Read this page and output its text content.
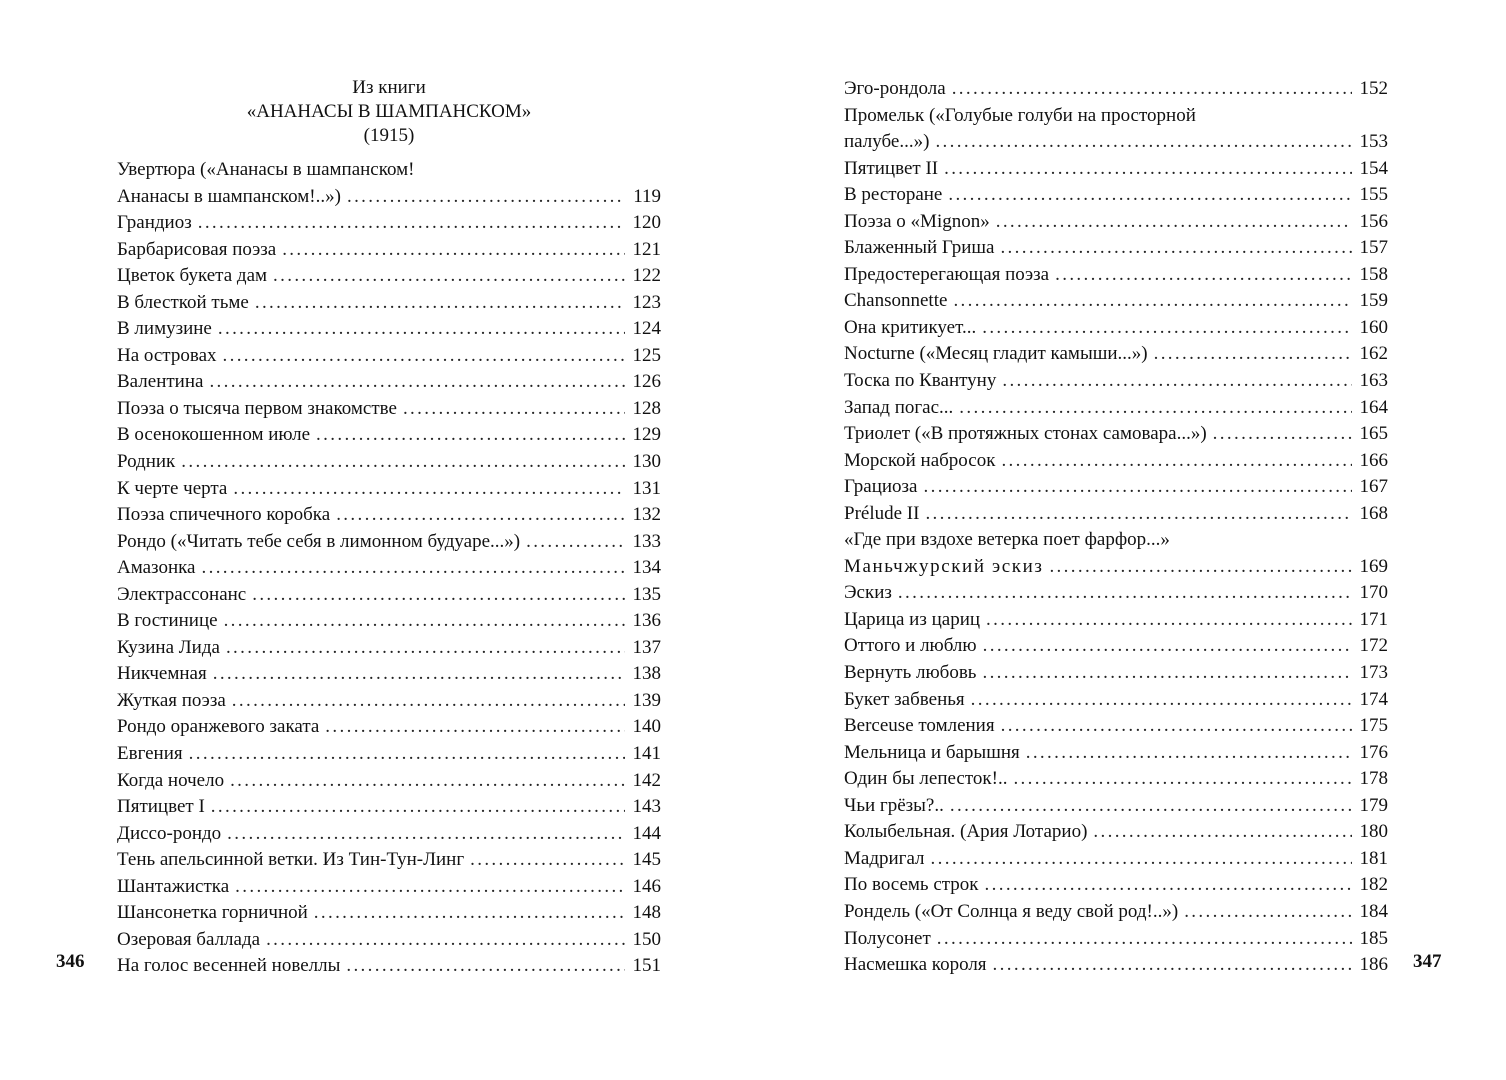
Из книги
«АНАНАСЫ В ШАМПАНСКОМ»
(1915)
Увертюра («Ананасы в шампанском!
Ананасы в шампанском!..») . . .	119
Грандиоз . . .	120
Барбарисовая поэза . . .	121
Цветок букета дам . . .	122
В блесткой тьме . . .	123
В лимузине . . .	124
На островах . . .	125
Валентина . . .	126
Поэза о тысяча первом знакомстве . . .	128
В осенокошенном июле . . .	129
Родник . . .	130
К черте черта . . .	131
Поэза спичечного коробка . . .	132
Рондо («Читать тебе себя в лимонном будуаре...») . . .	133
Амазонка . . .	134
Электрассонанс . . .	135
В гостинице . . .	136
Кузина Лида . . .	137
Никчемная . . .	138
Жуткая поэза . . .	139
Рондо оранжевого заката . . .	140
Евгения . . .	141
Когда ночело . . .	142
Пятицвет I . . .	143
Диссо-рондо . . .	144
Тень апельсинной ветки. Из Тин-Тун-Линг . . .	145
Шантажистка . . .	146
Шансонетка горничной . . .	148
Озеровая баллада . . .	150
На голос весенней новеллы . . .	151
346
Эго-рондола . . .	152
Промельк («Голубые голуби на просторной
палубе...») . . .	153
Пятицвет II . . .	154
В ресторане . . .	155
Поэза о «Mignon» . . .	156
Блаженный Гриша . . .	157
Предостерегающая поэза . . .	158
Chansonnette . . .	159
Она критикует... . . .	160
Nocturne («Месяц гладит камыши...») . . .	162
Тоска по Квантуну . . .	163
Запад погас... . . .	164
Триолет («В протяжных стонах самовара...») . . .	165
Морской набросок . . .	166
Грациоза . . .	167
Prélude II . . .	168
«Где при вздохе ветерка поет фарфор...»
Маньчжурский эскиз . . .	169
Эскиз . . .	170
Царица из цариц . . .	171
Оттого и люблю . . .	172
Вернуть любовь . . .	173
Букет забвенья . . .	174
Berceuse томления . . .	175
Мельница и барышня . . .	176
Один бы лепесток!.. . . .	178
Чьи грёзы?.. . . .	179
Колыбельная. (Ария Лотарио) . . .	180
Мадригал . . .	181
По восемь строк . . .	182
Рондель («От Солнца я веду свой род!..») . . .	184
Полусонет . . .	185
Насмешка короля . . .	186 347
